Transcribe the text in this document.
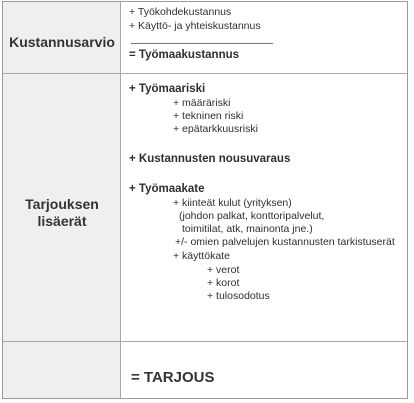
Kustannusarvio
+ Työkohdekustannus
+ Käyttö- ja yhteiskustannus
= Työmaakustannus
Tarjouksen
lisäerät
+ Työmaariski
+ määräriski
+ tekninen riski
+ epätarkkuusriski
+ Kustannusten nousuvaraus
+ Työmaakate
+ kiinteät kulut (yrityksen)
(johdon palkat, konttoripalvelut,
toimitilat, atk, mainonta jne.)
+/- omien palvelujen kustannusten tarkistuserät
+ käyttökate
+ verot
+ korot
+ tulosodotus
= TARJOUS
